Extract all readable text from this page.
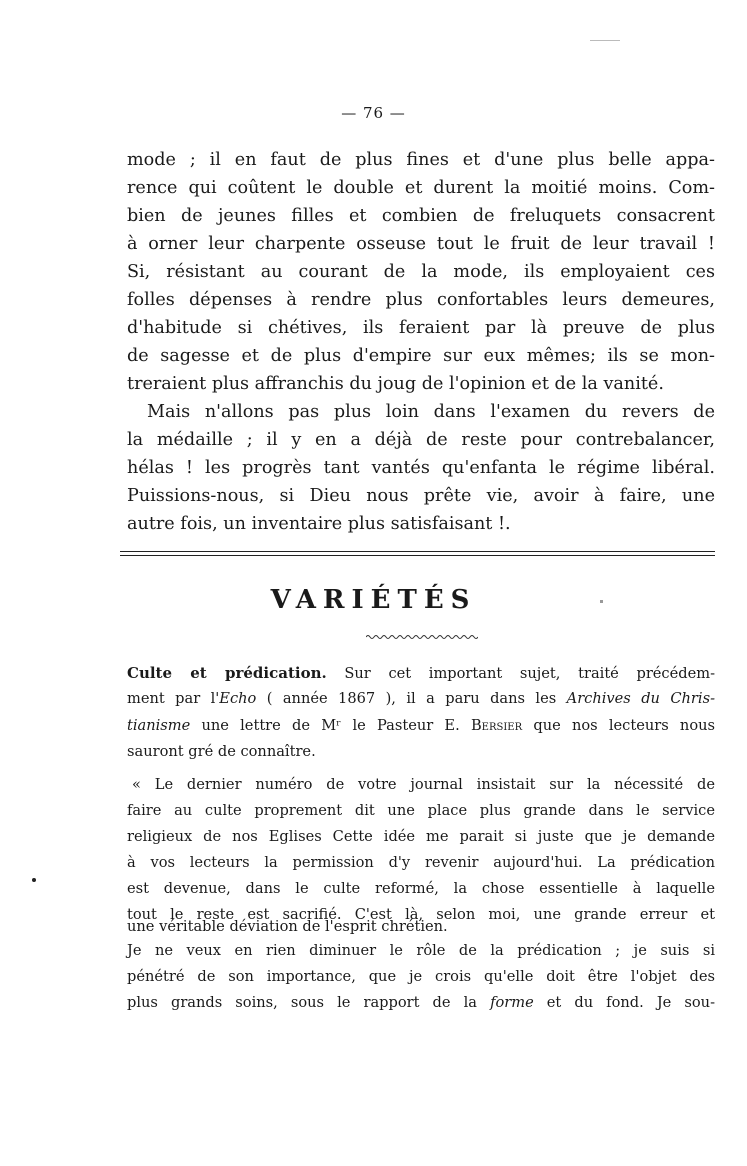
— 76 —
mode ; il en faut de plus fines et d'une plus belle appa-
rence qui coûtent le double et durent la moitié moins. Com-
bien de jeunes filles et combien de freluquets consacrent
à orner leur charpente osseuse tout le fruit de leur travail !
Si, résistant au courant de la mode, ils employaient ces
folles dépenses à rendre plus confortables leurs demeures,
d'habitude si chétives, ils feraient par là preuve de plus
de sagesse et de plus d'empire sur eux mêmes; ils se mon-
treraient plus affranchis du joug de l'opinion et de la vanité.
Mais n'allons pas plus loin dans l'examen du revers de
la médaille ; il y en a déjà de reste pour contrebalancer,
hélas ! les progrès tant vantés qu'enfanta le régime libéral.
Puissions-nous, si Dieu nous prête vie, avoir à faire, une
autre fois, un inventaire plus satisfaisant !.
VARIÉTÉS
Culte et prédication. Sur cet important sujet, traité précédem-
ment par l'Echo ( année 1867 ), il a paru dans les Archives du Chris-
tianisme une lettre de Mʳ le Pasteur E. Bersier que nos lecteurs nous
sauront gré de connaître.
« Le dernier numéro de votre journal insistait sur la nécessité de
faire au culte proprement dit une place plus grande dans le service
religieux de nos Eglises Cette idée me parait si juste que je demande
à vos lecteurs la permission d'y revenir aujourd'hui. La prédication
est devenue, dans le culte reformé, la chose essentielle à laquelle
tout le reste est sacrifié. C'est là, selon moi, une grande erreur et
une véritable déviation de l'esprit chrétien.
Je ne veux en rien diminuer le rôle de la prédication ; je suis si
pénétré de son importance, que je crois qu'elle doit être l'objet des
plus grands soins, sous le rapport de la forme et du fond. Je sou-
